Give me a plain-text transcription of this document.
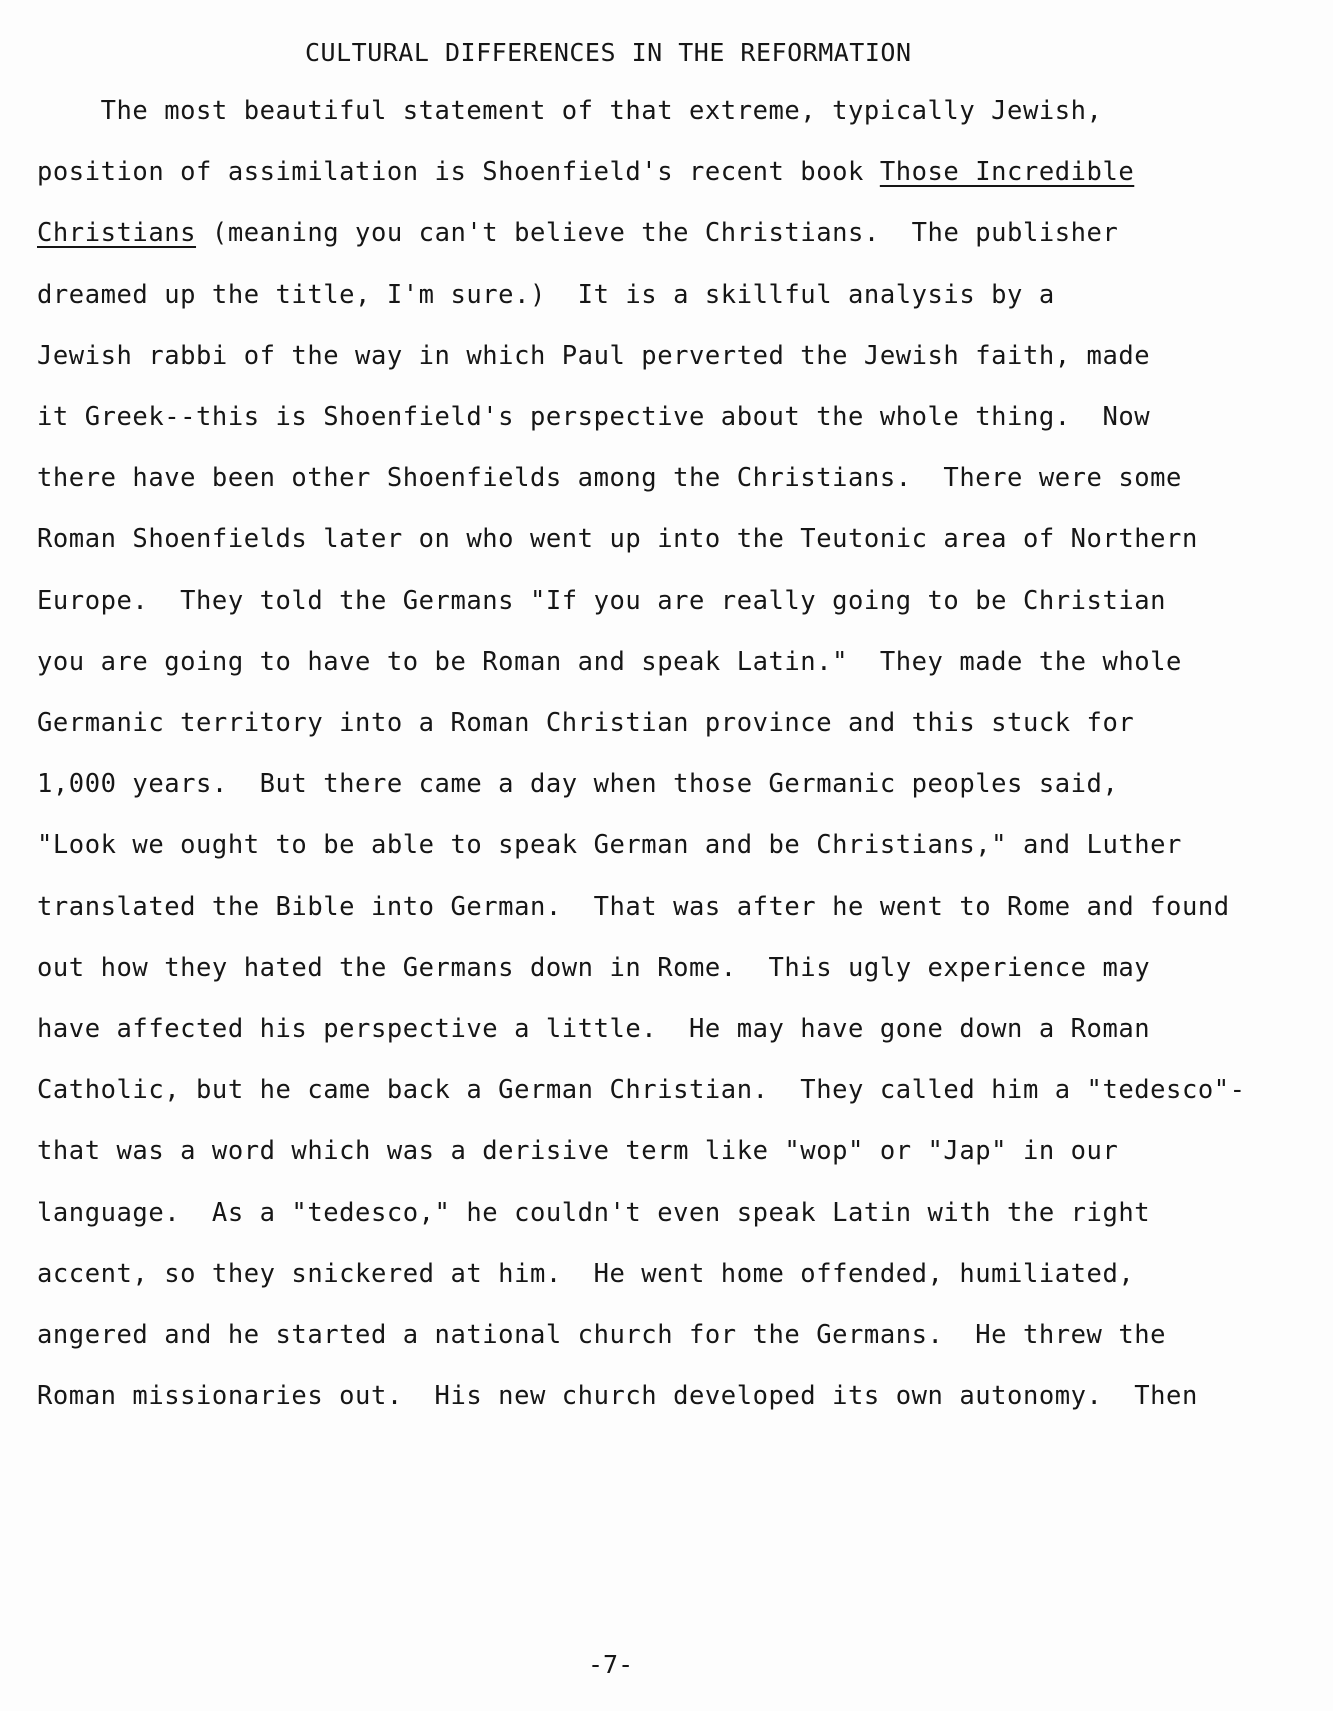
CULTURAL DIFFERENCES IN THE REFORMATION
The most beautiful statement of that extreme, typically Jewish,
position of assimilation is Shoenfield's recent book Those Incredible
Christians (meaning you can't believe the Christians.  The publisher
dreamed up the title, I'm sure.)  It is a skillful analysis by a
Jewish rabbi of the way in which Paul perverted the Jewish faith, made
it Greek--this is Shoenfield's perspective about the whole thing.  Now
there have been other Shoenfields among the Christians.  There were some
Roman Shoenfields later on who went up into the Teutonic area of Northern
Europe.  They told the Germans "If you are really going to be Christian
you are going to have to be Roman and speak Latin."  They made the whole
Germanic territory into a Roman Christian province and this stuck for
1,000 years.  But there came a day when those Germanic peoples said,
"Look we ought to be able to speak German and be Christians," and Luther
translated the Bible into German.  That was after he went to Rome and found
out how they hated the Germans down in Rome.  This ugly experience may
have affected his perspective a little.  He may have gone down a Roman
Catholic, but he came back a German Christian.  They called him a "tedesco"-
that was a word which was a derisive term like "wop" or "Jap" in our
language.  As a "tedesco," he couldn't even speak Latin with the right
accent, so they snickered at him.  He went home offended, humiliated,
angered and he started a national church for the Germans.  He threw the
Roman missionaries out.  His new church developed its own autonomy.  Then
-7-
